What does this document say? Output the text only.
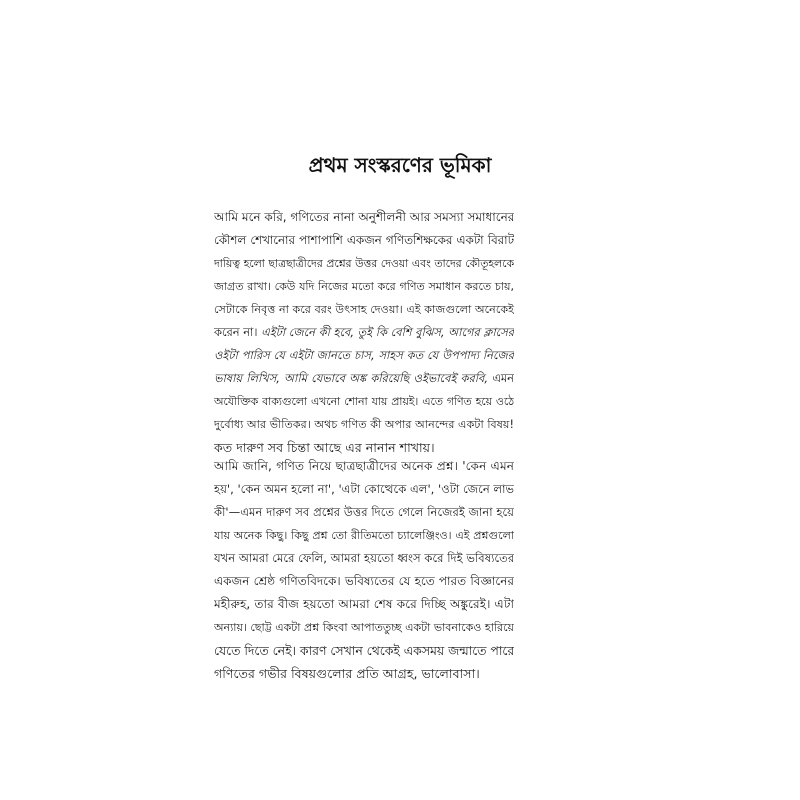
প্রথম সংস্করণের ভূমিকা
আমি মনে করি, গণিতের নানা অনুশীলনী আর সমস্যা সমাধানের
কৌশল শেখানোর পাশাপাশি একজন গণিতশিক্ষকের একটা বিরাট
দায়িত্ব হলো ছাত্রছাত্রীদের প্রশ্নের উত্তর দেওয়া এবং তাদের কৌতূহলকে
জাগ্রত রাখা। কেউ যদি নিজের মতো করে গণিত সমাধান করতে চায়,
সেটাকে নিবৃত্ত না করে বরং উৎসাহ দেওয়া। এই কাজগুলো অনেকেই
করেন না। এইটা জেনে কী হবে, তুই কি বেশি বুঝিস, আগের ক্লাসের
ওইটা পারিস যে এইটা জানতে চাস, সাহস কত যে উপপাদ্য নিজের
ভাষায় লিখিস, আমি যেভাবে অঙ্ক করিয়েছি ওইভাবেই করবি, এমন
অযৌক্তিক বাক্যগুলো এখনো শোনা যায় প্রায়ই। এতে গণিত হয়ে ওঠে
দুর্বোধ্য আর ভীতিকর। অথচ গণিত কী অপার আনন্দের একটা বিষয়!
কত দারুণ সব চিন্তা আছে এর নানান শাখায়।
আমি জানি, গণিত নিয়ে ছাত্রছাত্রীদের অনেক প্রশ্ন। 'কেন এমন
হয়', 'কেন অমন হলো না', 'এটা কোত্থেকে এল', 'ওটা জেনে লাভ
কী'—এমন দারুণ সব প্রশ্নের উত্তর দিতে গেলে নিজেরই জানা হয়ে
যায় অনেক কিছু। কিছু প্রশ্ন তো রীতিমতো চ্যালেঞ্জিংও। এই প্রশ্নগুলো
যখন আমরা মেরে ফেলি, আমরা হয়তো ধ্বংস করে দিই ভবিষ্যতের
একজন শ্রেষ্ঠ গণিতবিদকে। ভবিষ্যতের যে হতে পারত বিজ্ঞানের
মহীরুহ, তার বীজ হয়তো আমরা শেষ করে দিচ্ছি অঙ্কুরেই। এটা
অন্যায়। ছোট্ট একটা প্রশ্ন কিংবা আপাততুচ্ছ একটা ভাবনাকেও হারিয়ে
যেতে দিতে নেই। কারণ সেখান থেকেই একসময় জন্মাতে পারে
গণিতের গভীর বিষয়গুলোর প্রতি আগ্রহ, ভালোবাসা।
